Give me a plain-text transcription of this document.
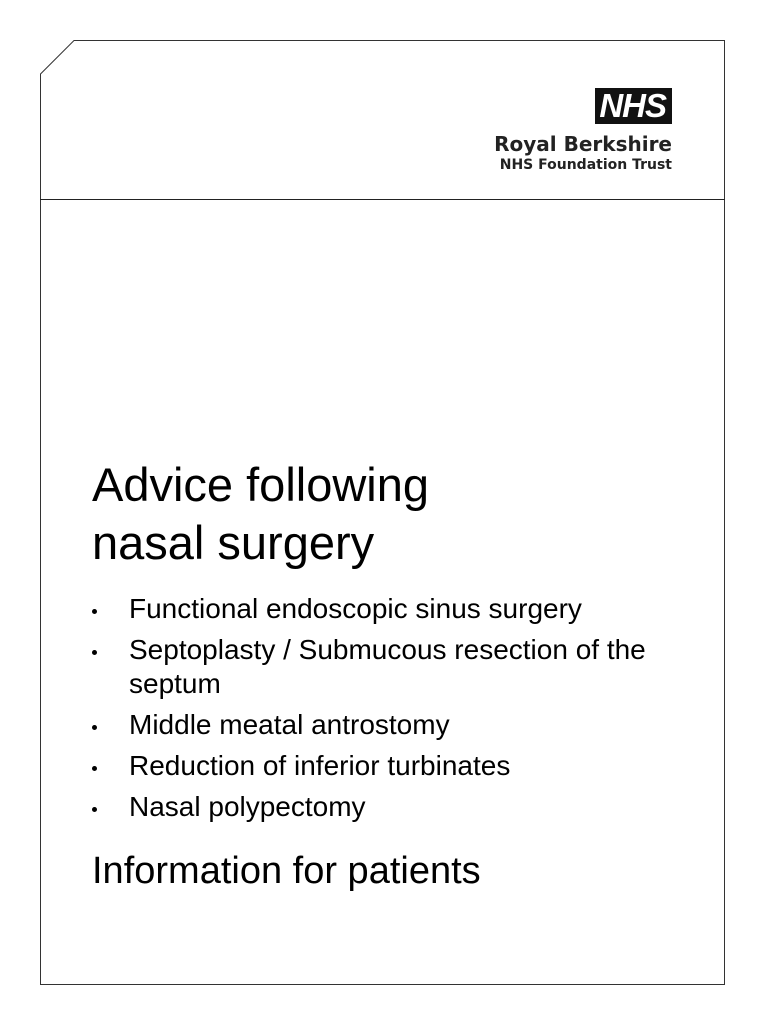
NHS
Royal Berkshire
NHS Foundation Trust
Advice following
nasal surgery
Functional endoscopic sinus surgery
Septoplasty / Submucous resection of the septum
Middle meatal antrostomy
Reduction of inferior turbinates
Nasal polypectomy
Information for patients
